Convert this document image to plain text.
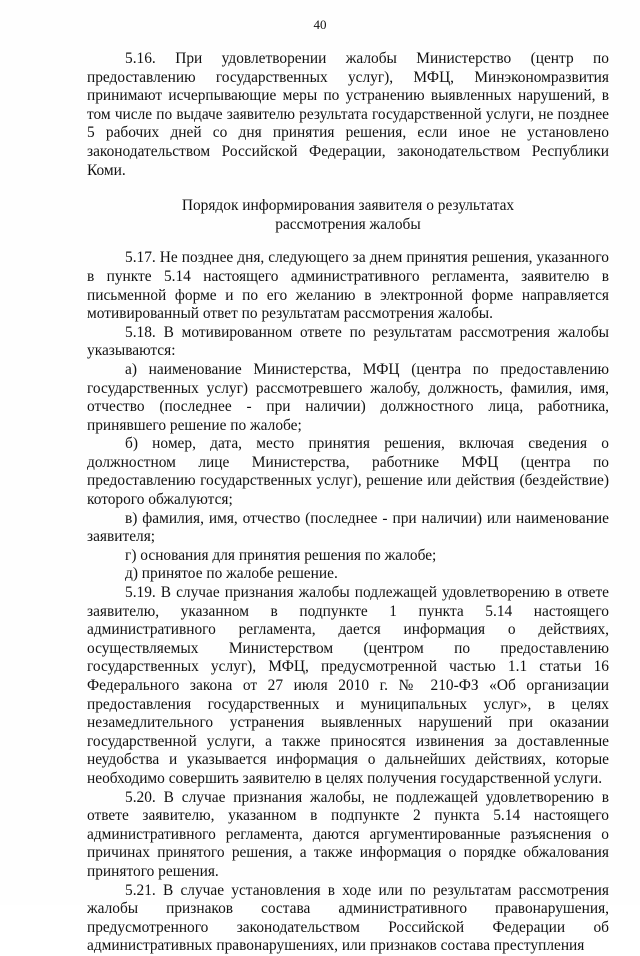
40

5.16. При удовлетворении жалобы Министерство (центр по предоставлению государственных услуг), МФЦ, Минэкономразвития принимают исчерпывающие меры по устранению выявленных нарушений, в том числе по выдаче заявителю результата государственной услуги, не позднее 5 рабочих дней со дня принятия решения, если иное не установлено законодательством Российской Федерации, законодательством Республики Коми.

Порядок информирования заявителя о результатах рассмотрения жалобы

5.17. Не позднее дня, следующего за днем принятия решения, указанного в пункте 5.14 настоящего административного регламента, заявителю в письменной форме и по его желанию в электронной форме направляется мотивированный ответ по результатам рассмотрения жалобы.

5.18. В мотивированном ответе по результатам рассмотрения жалобы указываются:

а) наименование Министерства, МФЦ (центра по предоставлению государственных услуг) рассмотревшего жалобу, должность, фамилия, имя, отчество (последнее - при наличии) должностного лица, работника, принявшего решение по жалобе;

б) номер, дата, место принятия решения, включая сведения о должностном лице Министерства, работнике МФЦ (центра по предоставлению государственных услуг), решение или действия (бездействие) которого обжалуются;

в) фамилия, имя, отчество (последнее - при наличии) или наименование заявителя;

г) основания для принятия решения по жалобе;

д) принятое по жалобе решение.

5.19. В случае признания жалобы подлежащей удовлетворению в ответе заявителю, указанном в подпункте 1 пункта 5.14 настоящего административного регламента, дается информация о действиях, осуществляемых Министерством (центром по предоставлению государственных услуг), МФЦ, предусмотренной частью 1.1 статьи 16 Федерального закона от 27 июля 2010 г. № 210-ФЗ «Об организации предоставления государственных и муниципальных услуг», в целях незамедлительного устранения выявленных нарушений при оказании государственной услуги, а также приносятся извинения за доставленные неудобства и указывается информация о дальнейших действиях, которые необходимо совершить заявителю в целях получения государственной услуги.

5.20. В случае признания жалобы, не подлежащей удовлетворению в ответе заявителю, указанном в подпункте 2 пункта 5.14 настоящего административного регламента, даются аргументированные разъяснения о причинах принятого решения, а также информация о порядке обжалования принятого решения.

5.21. В случае установления в ходе или по результатам рассмотрения жалобы признаков состава административного правонарушения, предусмотренного законодательством Российской Федерации об административных правонарушениях, или признаков состава преступления
